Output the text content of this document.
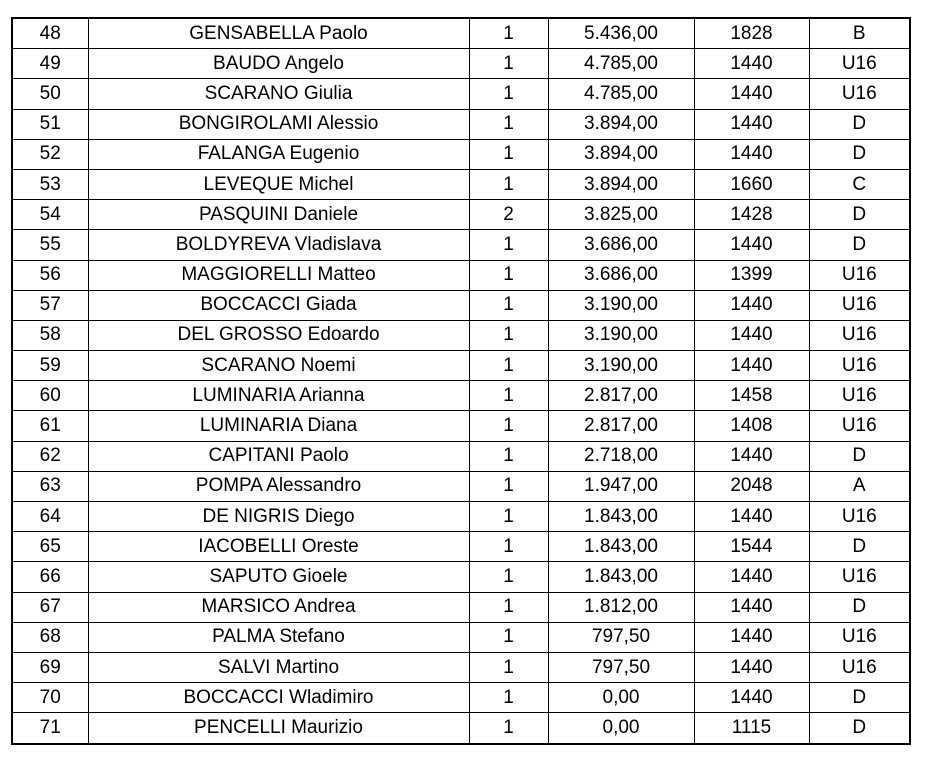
48	GENSABELLA Paolo	1	5.436,00	1828	B
49	BAUDO Angelo	1	4.785,00	1440	U16
50	SCARANO Giulia	1	4.785,00	1440	U16
51	BONGIROLAMI Alessio	1	3.894,00	1440	D
52	FALANGA Eugenio	1	3.894,00	1440	D
53	LEVEQUE Michel	1	3.894,00	1660	C
54	PASQUINI Daniele	2	3.825,00	1428	D
55	BOLDYREVA Vladislava	1	3.686,00	1440	D
56	MAGGIORELLI Matteo	1	3.686,00	1399	U16
57	BOCCACCI Giada	1	3.190,00	1440	U16
58	DEL GROSSO Edoardo	1	3.190,00	1440	U16
59	SCARANO Noemi	1	3.190,00	1440	U16
60	LUMINARIA Arianna	1	2.817,00	1458	U16
61	LUMINARIA Diana	1	2.817,00	1408	U16
62	CAPITANI Paolo	1	2.718,00	1440	D
63	POMPA Alessandro	1	1.947,00	2048	A
64	DE NIGRIS Diego	1	1.843,00	1440	U16
65	IACOBELLI Oreste	1	1.843,00	1544	D
66	SAPUTO Gioele	1	1.843,00	1440	U16
67	MARSICO Andrea	1	1.812,00	1440	D
68	PALMA Stefano	1	797,50	1440	U16
69	SALVI Martino	1	797,50	1440	U16
70	BOCCACCI Wladimiro	1	0,00	1440	D
71	PENCELLI Maurizio	1	0,00	1115	D
